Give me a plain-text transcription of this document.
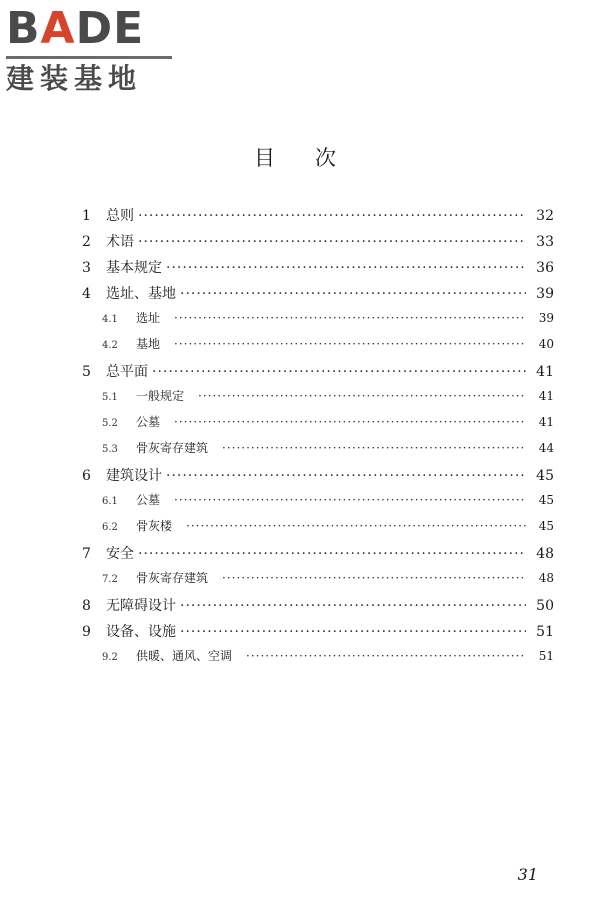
BADE
建装基地
目次
1	总则 ·····	32
2	术语 ·····	33
3	基本规定 ·····	36
4	选址、基地 ·····	39
4.1	选址 ·····	39
4.2	基地 ·····	40
5	总平面 ·····	41
5.1	一般规定 ·····	41
5.2	公墓 ·····	41
5.3	骨灰寄存建筑 ·····	44
6	建筑设计 ·····	45
6.1	公墓 ·····	45
6.2	骨灰楼 ·····	45
7	安全 ·····	48
7.2	骨灰寄存建筑 ·····	48
8	无障碍设计 ·····	50
9	设备、设施 ·····	51
9.2	供暖、通风、空调 ·····	51
31
